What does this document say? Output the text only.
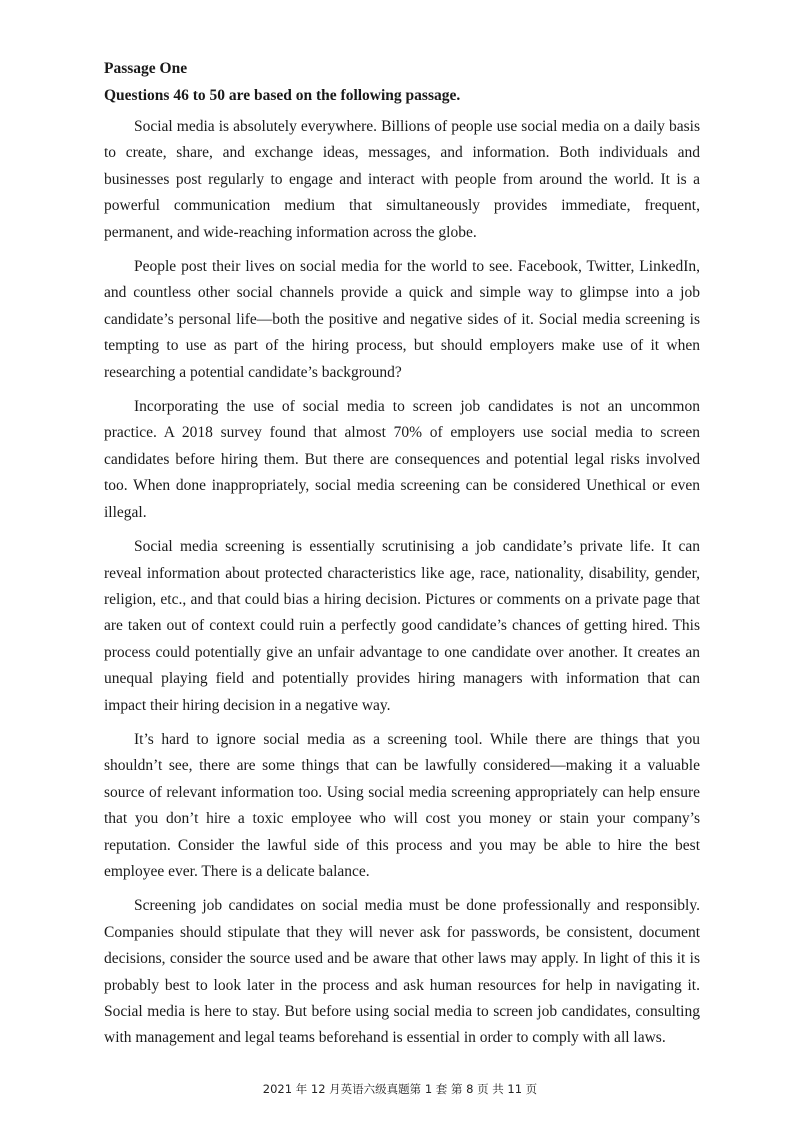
Passage One

Questions 46 to 50 are based on the following passage.

Social media is absolutely everywhere. Billions of people use social media on a daily basis to create, share, and exchange ideas, messages, and information. Both individuals and businesses post regularly to engage and interact with people from around the world. It is a powerful communication medium that simultaneously provides immediate, frequent, permanent, and wide-reaching information across the globe.

People post their lives on social media for the world to see. Facebook, Twitter, LinkedIn, and countless other social channels provide a quick and simple way to glimpse into a job candidate’s personal life—both the positive and negative sides of it. Social media screening is tempting to use as part of the hiring process, but should employers make use of it when researching a potential candidate’s background?

Incorporating the use of social media to screen job candidates is not an uncommon practice. A 2018 survey found that almost 70% of employers use social media to screen candidates before hiring them. But there are consequences and potential legal risks involved too. When done inappropriately, social media screening can be considered Unethical or even illegal.

Social media screening is essentially scrutinising a job candidate’s private life. It can reveal information about protected characteristics like age, race, nationality, disability, gender, religion, etc., and that could bias a hiring decision. Pictures or comments on a private page that are taken out of context could ruin a perfectly good candidate’s chances of getting hired. This process could potentially give an unfair advantage to one candidate over another. It creates an unequal playing field and potentially provides hiring managers with information that can impact their hiring decision in a negative way.

It’s hard to ignore social media as a screening tool. While there are things that you shouldn’t see, there are some things that can be lawfully considered—making it a valuable source of relevant information too. Using social media screening appropriately can help ensure that you don’t hire a toxic employee who will cost you money or stain your company’s reputation. Consider the lawful side of this process and you may be able to hire the best employee ever. There is a delicate balance.

Screening job candidates on social media must be done professionally and responsibly. Companies should stipulate that they will never ask for passwords, be consistent, document decisions, consider the source used and be aware that other laws may apply. In light of this it is probably best to look later in the process and ask human resources for help in navigating it. Social media is here to stay. But before using social media to screen job candidates, consulting with management and legal teams beforehand is essential in order to comply with all laws.

2021 年 12 月英语六级真题第 1 套 第 8 页 共 11 页
